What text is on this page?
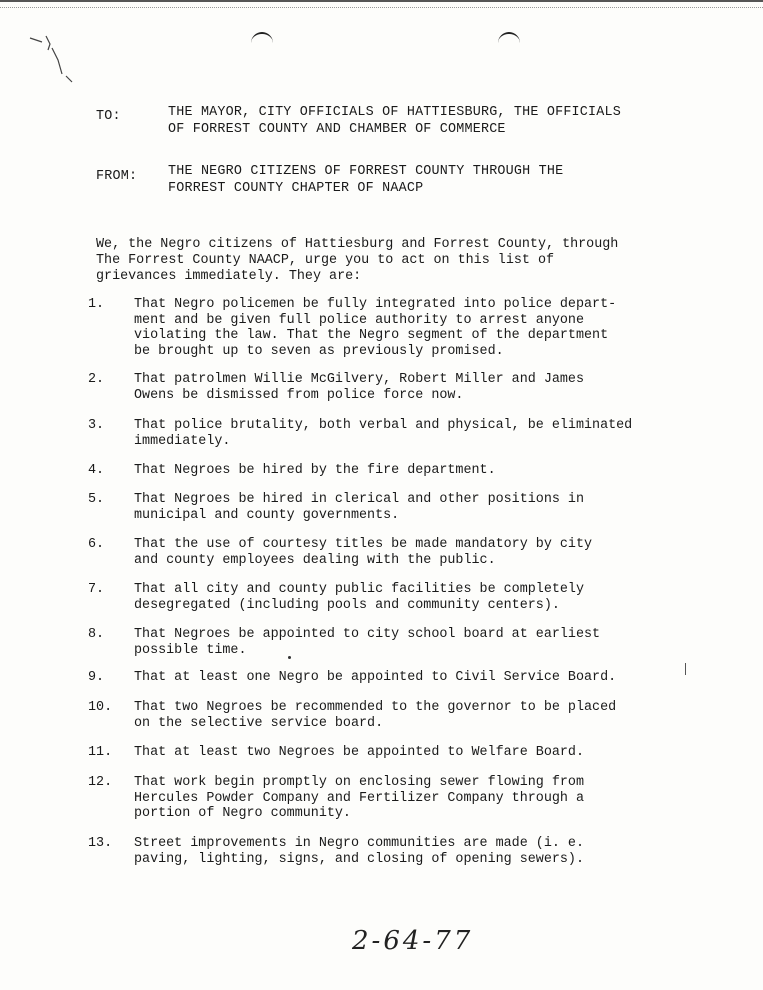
TO:	THE MAYOR, CITY OFFICIALS OF HATTIESBURG, THE OFFICIALS
OF FORREST COUNTY AND CHAMBER OF COMMERCE
FROM: THE NEGRO CITIZENS OF FORREST COUNTY THROUGH THE
FORREST COUNTY CHAPTER OF NAACP
We, the Negro citizens of Hattiesburg and Forrest County, through
The Forrest County NAACP, urge you to act on this list of
grievances immediately. They are:
1.	That Negro policemen be fully integrated into police depart-
ment and be given full police authority to arrest anyone
violating the law. That the Negro segment of the department
be brought up to seven as previously promised.
2.	That patrolmen Willie McGilvery, Robert Miller and James
Owens be dismissed from police force now.
3.	That police brutality, both verbal and physical, be eliminated
immediately.
4.	That Negroes be hired by the fire department.
5.	That Negroes be hired in clerical and other positions in
municipal and county governments.
6.	That the use of courtesy titles be made mandatory by city
and county employees dealing with the public.
7.	That all city and county public facilities be completely
desegregated (including pools and community centers).
8.	That Negroes be appointed to city school board at earliest
possible time.
9.	That at least one Negro be appointed to Civil Service Board.
10.	That two Negroes be recommended to the governor to be placed
on the selective service board.
11.	That at least two Negroes be appointed to Welfare Board.
12.	That work begin promptly on enclosing sewer flowing from
Hercules Powder Company and Fertilizer Company through a
portion of Negro community.
13.	Street improvements in Negro communities are made (i. e.
paving, lighting, signs, and closing of opening sewers).
2-64-77
